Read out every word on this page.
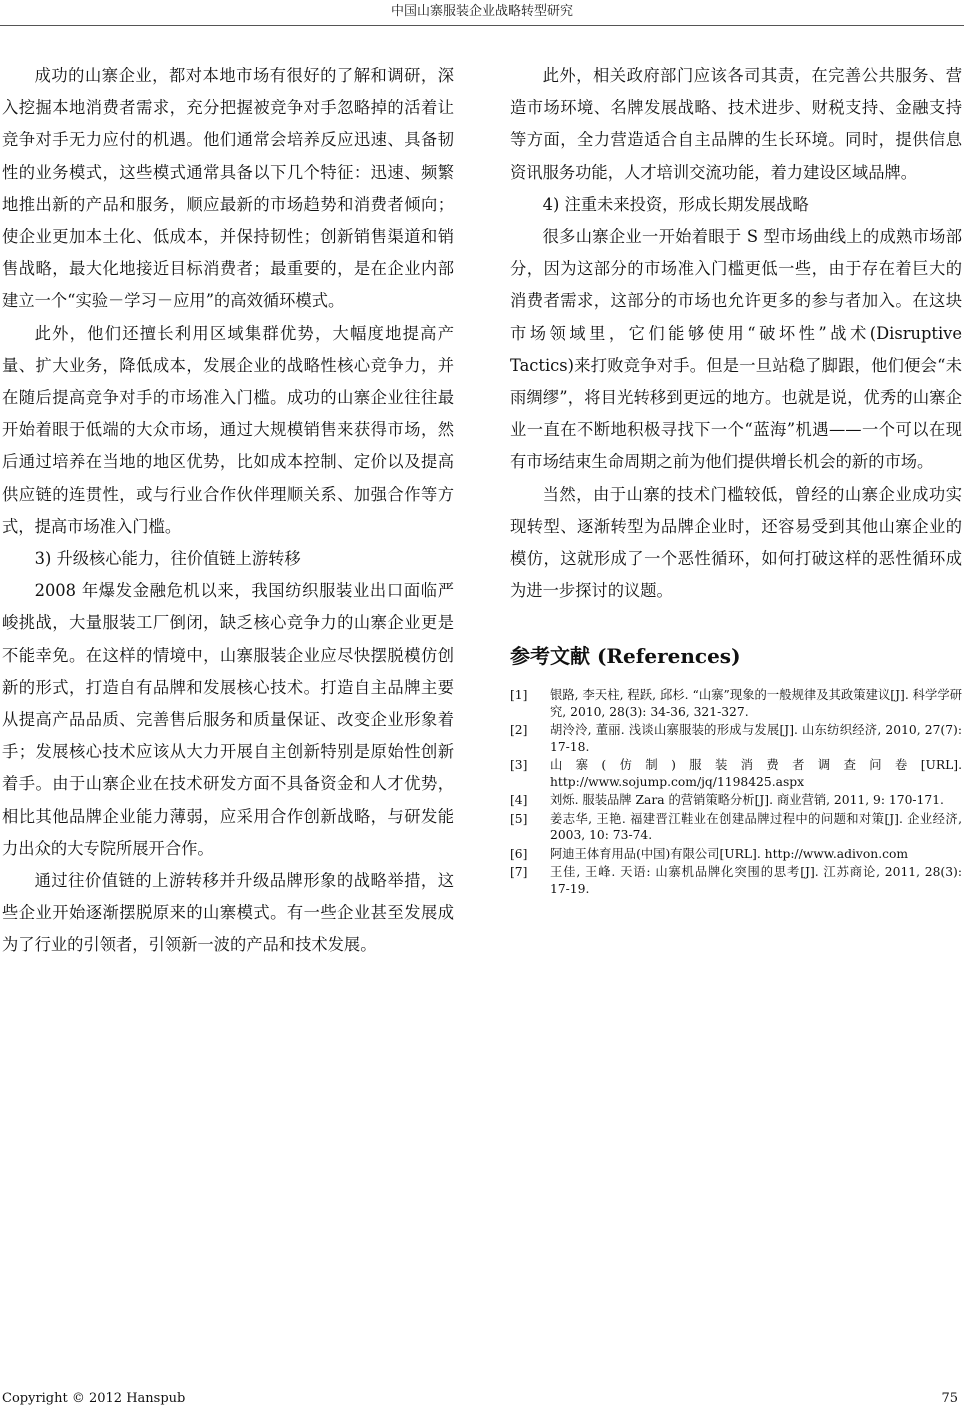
中国山寨服装企业战略转型研究

成功的山寨企业，都对本地市场有很好的了解和调研，深入挖掘本地消费者需求，充分把握被竞争对手忽略掉的活着让竞争对手无力应付的机遇。他们通常会培养反应迅速、具备韧性的业务模式，这些模式通常具备以下几个特征：迅速、频繁地推出新的产品和服务，顺应最新的市场趋势和消费者倾向；使企业更加本土化、低成本，并保持韧性；创新销售渠道和销售战略，最大化地接近目标消费者；最重要的，是在企业内部建立一个“实验－学习－应用”的高效循环模式。

此外，他们还擅长利用区域集群优势，大幅度地提高产量、扩大业务，降低成本，发展企业的战略性核心竞争力，并在随后提高竞争对手的市场准入门槛。成功的山寨企业往往最开始着眼于低端的大众市场，通过大规模销售来获得市场，然后通过培养在当地的地区优势，比如成本控制、定价以及提高供应链的连贯性，或与行业合作伙伴理顺关系、加强合作等方式，提高市场准入门槛。

3) 升级核心能力，往价值链上游转移

2008 年爆发金融危机以来，我国纺织服装业出口面临严峻挑战，大量服装工厂倒闭，缺乏核心竞争力的山寨企业更是不能幸免。在这样的情境中，山寨服装企业应尽快摆脱模仿创新的形式，打造自有品牌和发展核心技术。打造自主品牌主要从提高产品品质、完善售后服务和质量保证、改变企业形象着手；发展核心技术应该从大力开展自主创新特别是原始性创新着手。由于山寨企业在技术研发方面不具备资金和人才优势，相比其他品牌企业能力薄弱，应采用合作创新战略，与研发能力出众的大专院所展开合作。

通过往价值链的上游转移并升级品牌形象的战略举措，这些企业开始逐渐摆脱原来的山寨模式。有一些企业甚至发展成为了行业的引领者，引领新一波的产品和技术发展。

此外，相关政府部门应该各司其责，在完善公共服务、营造市场环境、名牌发展战略、技术进步、财税支持、金融支持等方面，全力营造适合自主品牌的生长环境。同时，提供信息资讯服务功能，人才培训交流功能，着力建设区域品牌。

4) 注重未来投资，形成长期发展战略

很多山寨企业一开始着眼于 S 型市场曲线上的成熟市场部分，因为这部分的市场准入门槛更低一些，由于存在着巨大的消费者需求，这部分的市场也允许更多的参与者加入。在这块市场领域里，它们能够使用“破坏性”战术(Disruptive Tactics)来打败竞争对手。但是一旦站稳了脚跟，他们便会“未雨绸缪”，将目光转移到更远的地方。也就是说，优秀的山寨企业一直在不断地积极寻找下一个“蓝海”机遇——一个可以在现有市场结束生命周期之前为他们提供增长机会的新的市场。

当然，由于山寨的技术门槛较低，曾经的山寨企业成功实现转型、逐渐转型为品牌企业时，还容易受到其他山寨企业的模仿，这就形成了一个恶性循环，如何打破这样的恶性循环成为进一步探讨的议题。

参考文献 (References)
[1]	银路, 李天柱, 程跃, 邱杉. “山寨”现象的一般规律及其政策建议[J]. 科学学研究, 2010, 28(3): 34-36, 321-327.
[2]	胡泠泠, 董丽. 浅谈山寨服装的形成与发展[J]. 山东纺织经济, 2010, 27(7): 17-18.
[3]	山寨(仿制)服装消费者调查问卷[URL]. http://www.sojump.com/jq/1198425.aspx
[4]	刘烁. 服装品牌 Zara 的营销策略分析[J]. 商业营销, 2011, 9: 170-171.
[5]	姜志华, 王艳. 福建晋江鞋业在创建品牌过程中的问题和对策[J]. 企业经济, 2003, 10: 73-74.
[6]	阿迪王体育用品(中国)有限公司[URL]. http://www.adivon.com
[7]	王佳, 王峰. 天语: 山寨机品牌化突围的思考[J]. 江苏商论, 2011, 28(3): 17-19.
Copyright © 2012 Hanspub	75
